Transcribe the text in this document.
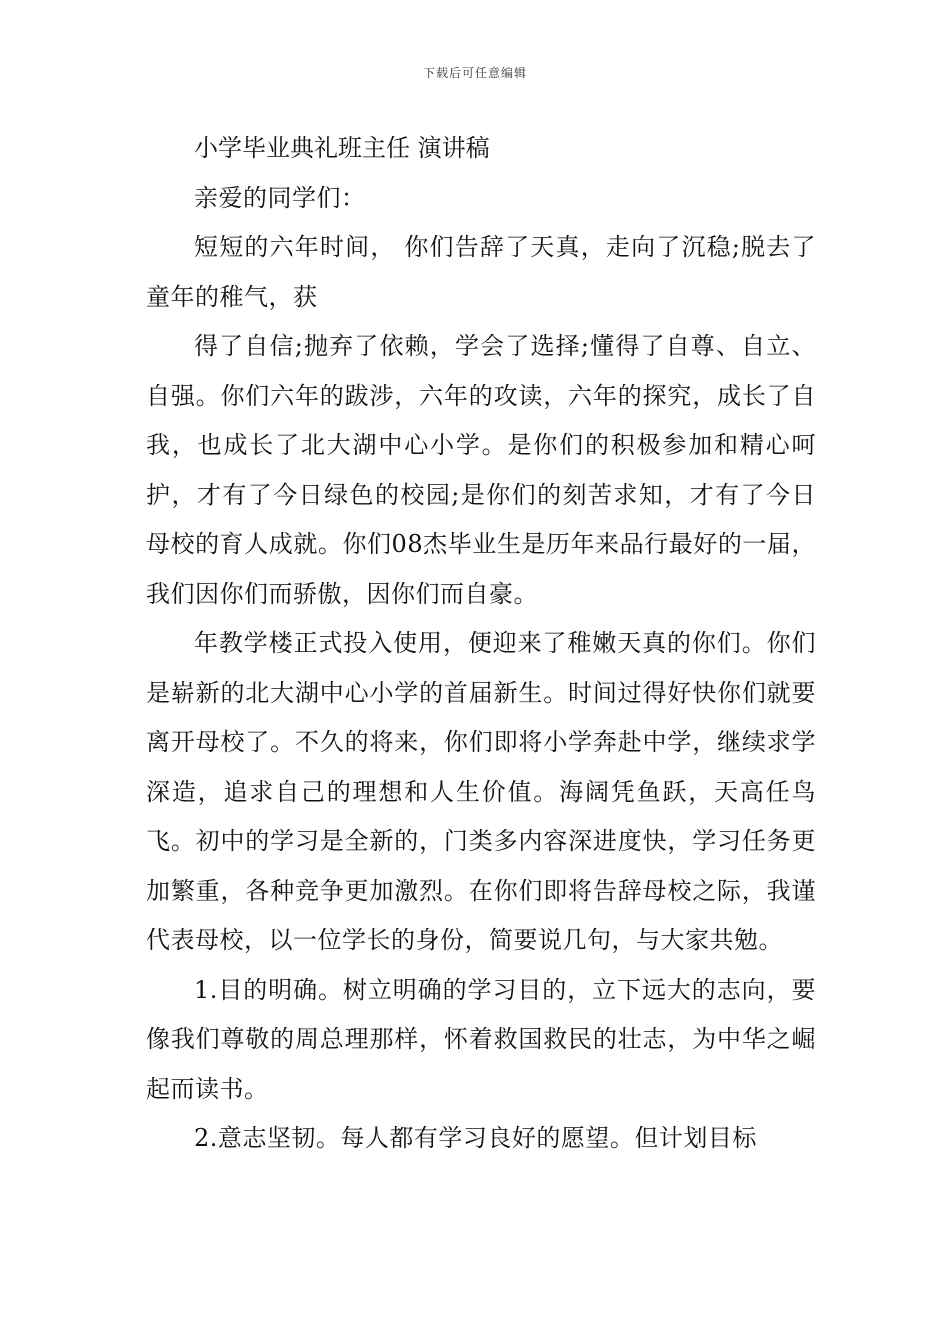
下载后可任意编辑

小学毕业典礼班主任 演讲稿

亲爱的同学们：

短短的六年时间， 你们告辞了天真，走向了沉稳;脱去了童年的稚气，获

得了自信;抛弃了依赖，学会了选择;懂得了自尊、自立、自强。你们六年的跋涉，六年的攻读，六年的探究，成长了自我，也成长了北大湖中心小学。是你们的积极参加和精心呵护，才有了今日绿色的校园;是你们的刻苦求知，才有了今日母校的育人成就。你们08杰毕业生是历年来品行最好的一届，我们因你们而骄傲，因你们而自豪。

年教学楼正式投入使用，便迎来了稚嫩天真的你们。你们是崭新的北大湖中心小学的首届新生。时间过得好快你们就要离开母校了。不久的将来，你们即将小学奔赴中学，继续求学深造，追求自己的理想和人生价值。海阔凭鱼跃，天高任鸟飞。初中的学习是全新的，门类多内容深进度快，学习任务更加繁重，各种竞争更加激烈。在你们即将告辞母校之际，我谨代表母校，以一位学长的身份，简要说几句，与大家共勉。

1.目的明确。树立明确的学习目的，立下远大的志向，要像我们尊敬的周总理那样，怀着救国救民的壮志，为中华之崛起而读书。

2.意志坚韧。每人都有学习良好的愿望。但计划目标
